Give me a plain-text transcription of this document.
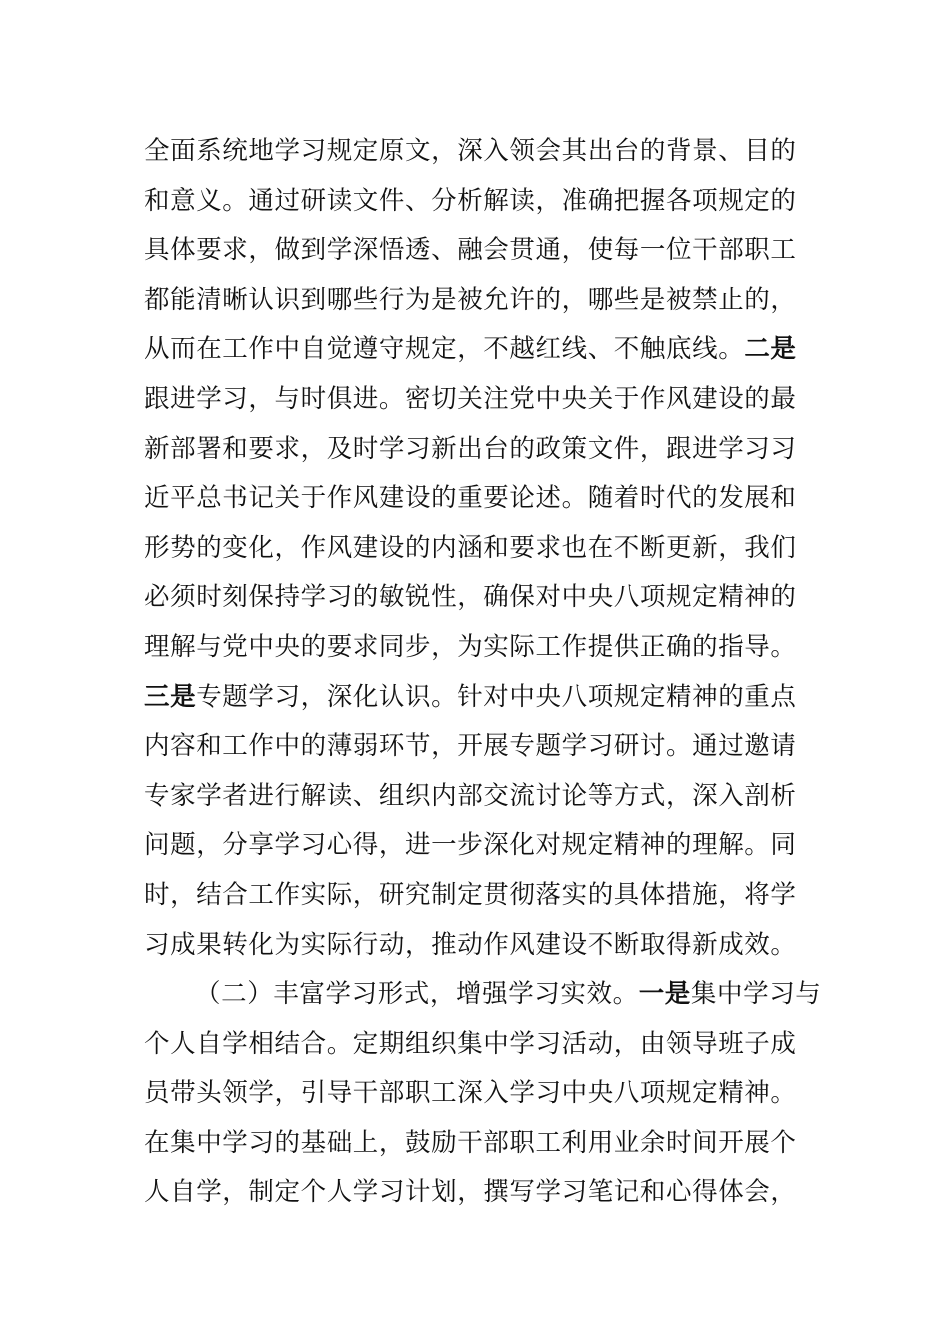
全面系统地学习规定原文，深入领会其出台的背景、目的
和意义。通过研读文件、分析解读，准确把握各项规定的
具体要求，做到学深悟透、融会贯通，使每一位干部职工
都能清晰认识到哪些行为是被允许的，哪些是被禁止的，
从而在工作中自觉遵守规定，不越红线、不触底线。二是
跟进学习，与时俱进。密切关注党中央关于作风建设的最
新部署和要求，及时学习新出台的政策文件，跟进学习习
近平总书记关于作风建设的重要论述。随着时代的发展和
形势的变化，作风建设的内涵和要求也在不断更新，我们
必须时刻保持学习的敏锐性，确保对中央八项规定精神的
理解与党中央的要求同步，为实际工作提供正确的指导。
三是专题学习，深化认识。针对中央八项规定精神的重点
内容和工作中的薄弱环节，开展专题学习研讨。通过邀请
专家学者进行解读、组织内部交流讨论等方式，深入剖析
问题，分享学习心得，进一步深化对规定精神的理解。同
时，结合工作实际，研究制定贯彻落实的具体措施，将学
习成果转化为实际行动，推动作风建设不断取得新成效。
（二）丰富学习形式，增强学习实效。一是集中学习与
个人自学相结合。定期组织集中学习活动，由领导班子成
员带头领学，引导干部职工深入学习中央八项规定精神。
在集中学习的基础上，鼓励干部职工利用业余时间开展个
人自学，制定个人学习计划，撰写学习笔记和心得体会，
